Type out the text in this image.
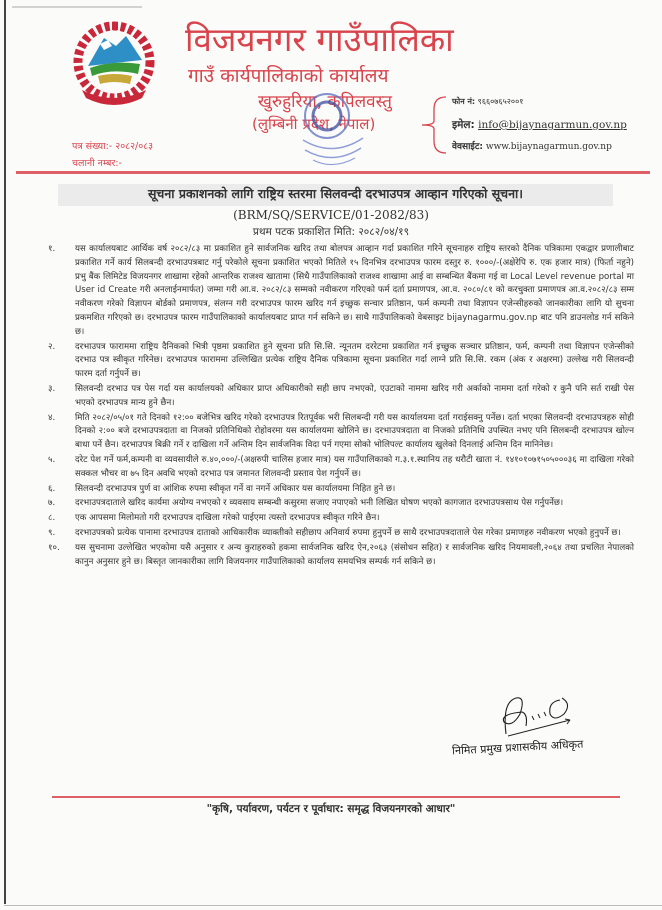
विजयनगर गाउँपालिका
गाउँ कार्यपालिकाको कार्यालय
खुरुहुरिया, कपिलवस्तु
(लुम्बिनी प्रदेश, नेपाल)
फोन नं: ९६६०७६५२००१
इमेल: info@bijaynagarmun.gov.np
वेवसाईट: www.bijaynagarmun.gov.np
पत्र संख्या:- २०८२/०८३
चलानी नम्बर:-
सूचना प्रकाशनको लागि राष्ट्रिय स्तरमा सिलवन्दी दरभाउपत्र आव्हान गरिएको सूचना।
(BRM/SQ/SERVICE/01-2082/83)
प्रथम पटक प्रकाशित मिति: २०८२/०४/१९
१. यस कार्यालयबाट आर्थिक वर्ष २०८२/८३ मा प्रकाशित हुने सार्वजनिक खरिद तथा बोलपत्र आव्हान गर्दा प्रकाशित गरिने सूचनाहरु राष्ट्रिय स्तरको दैनिक पत्रिकामा एकद्वार प्रणालीबाट प्रकाशित गर्ने कार्य सिलबन्दी दरभाउपत्रबाट गर्नु परेकोले सूचना प्रकाशित भएको मितिले १५ दिनभित्र दरभाउपत्र फारम दस्तुर रु. १०००/-(अक्षेरेपि रु. एक हजार मात्र) (फिर्ता नहुने) प्रभु बैंक लिमिटेड विजयनगर शाखामा रहेको आन्तरिक राजश्व खातामा (सिधै गाउँपालिकाको राजश्व शाखामा आई वा सम्बन्धित बैंकमा गई वा Local Level revenue portal मा User id Create गरी अनलाईनमार्फत) जम्मा गरी आ.व. २०८२/८३ सम्मको नवीकरण गरिएको फर्म दर्ता प्रमाणपत्र, आ.व. २०८०/८१ को करचुक्ता प्रमाणपत्र आ.व.२०८२/८३ सम्म नवीकरण गरेको विज्ञापन बोर्डको प्रमाणपत्र, संलग्न गरी दरभाउपत्र फारम खरिद गर्न इच्छुक सन्चार प्रतिष्ठान, फर्म कम्पनी तथा विज्ञापन एजेन्सीहरुको जानकारीका लागि यो सुचना प्रकमशित गरिएको छ। दरभाउपत्र फारम गाउँपालिकाको कार्यालयबाट प्राप्त गर्न सकिने छ। साथै गाउँपालिकको वेबसाइट bijaynagarmu.gov.np बाट पनि डाउनलोड गर्न सकिने छ।
२. दरभाउपत्र फाराममा राष्ट्रिय दैनिकको भित्री पृष्ठमा प्रकाशित हुने सूचना प्रति सि.सि. न्यूनतम दररेटमा प्रकाशित गर्न इच्छुक सञ्चार प्रतिष्ठान, फर्म, कम्पनी तथा विज्ञापन एजेन्सीको दरभाउ पत्र स्वीकृत गरिनेछ। दरभाउपत्र फाराममा उल्लिखित प्रत्येक राष्ट्रिय दैनिक पत्रिकामा सूचना प्रकाशित गर्दा लाग्ने प्रति सि.सि. रकम (अंक र अक्षरमा) उल्लेख गरी सिलवन्दी फारम दर्ता गर्नुपर्ने छ।
३. सिलवन्दी दरभाउ पत्र पेस गर्दा यस कार्यालयको अधिकार प्राप्त अधिकारीको सही छाप नभएको, एउटाको नाममा खरिद गरी अर्काको नाममा दर्ता गरेको र कुनै पनि सर्त राखी पेस भएको दरभाउपत्र मान्य हुने छैन।
४. मिति २०८२/०५/०१ गते दिनको १२:०० बजेभित्र खरिद गरेको दरभाउपत्र रितपूर्वक भरी सिलबन्दी गरी यस कार्यालयमा दर्ता गराईसक्नु पर्नेछ। दर्ता भएका सिलवन्दी दरभाउपत्रहरु सोही दिनको २:०० बजे दरभाउपत्रदाता वा निजको प्रतिनिधिको रोहोवरमा यस कार्यालयमा खोलिने छ। दरभाउपत्रदाता वा निजको प्रतिनिधि उपस्थित नभए पनि सिलबन्दी दरभाउपत्र खोल्न बाधा पर्ने छैन। दरभाउपत्र बिक्री गर्ने र दाखिला गर्ने अन्तिम दिन सार्वजनिक विदा पर्न गएमा सोको भोलिपल्ट कार्यालय खुलेको दिनलाई अन्तिम दिन मानिनेछ।
५. दरेट पेश गर्ने फर्म,कम्पनी वा व्यवसायीले रु.४०,०००/-(अक्षरुपी चालिस हजार मात्र) यस गाउँपालिकाको ग.३.१.स्थानिय तह धरौटी खाता नं. १४१०१०७१५०५०००३६ मा दाखिला गरेको सक्कल भौचर वा ७५ दिन अवधि भएको दरभाउ पत्र जमानत शिलवन्दी प्रस्ताव पेश गर्नुपर्ने छ।
६. सिलवन्दी दरभाउपत्र पुर्ण वा आंशिक रुपमा स्वीकृत गर्ने वा नगर्ने अधिकार यस कार्यालयमा निहित हुने छ।
७. दरभाउपत्रदाताले खरिद कार्यमा अयोग्य नभएको र व्यवसाय सम्बन्धी कसुरमा सजाए नपाएको भनी लिखित घोषण भएको कागजात दरभाउपत्रसाथ पेस गर्नुपर्नेछ।
८. एक आपसमा मिलोमतो गरी दरभाउपत्र दाखिला गरेको पाईएमा त्यस्तो दरभाउपत्र स्वीकृत गरिने छैन।
९. दरभाउपत्रको प्रत्येक पानामा दरभाउपत्र दाताको आधिकारीक व्याक्तीको सहीछाप अनिवार्य रुपमा हुनुपर्ने छ साथै दरभाउपत्रदाताले पेस गरेका प्रमाणहरु नवीकरण भएको हुनुपर्ने छ।
१०. यस सुचनामा उल्लेखित भएकोमा यसै अनुसार र अन्य कुराहरुको हकमा सार्वजनिक खरिद ऐन,२०६३ (संसोधन सहित) र सार्वजनिक खरिद नियमावली,२०६४ तथा प्रचलित नेपालको कानुन अनुसार हुने छ। बिस्तृत जानकारीका लागि विजयनगर गाउँपालिकाको कार्यालय समयभित्र सम्पर्क गर्न सकिने छ।
निमित प्रमुख प्रशासकीय अधिकृत
"कृषि, पर्यावरण, पर्यटन र पूर्वाधार: समृद्ध विजयनगरको आधार"
